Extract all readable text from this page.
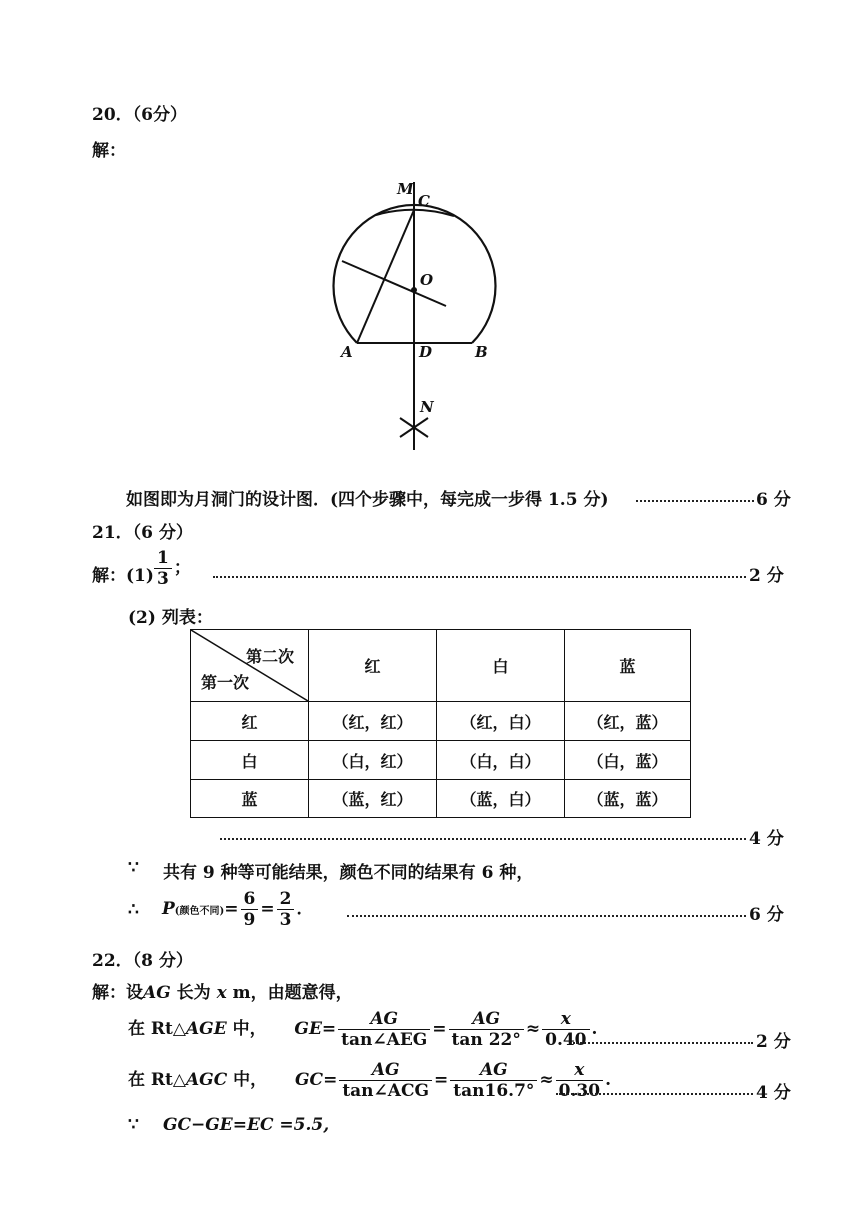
20．（6分）
解：
M
C
O
A	D	B
N
如图即为月洞门的设计图．(四个步骤中，每完成一步得 1.5 分)	6 分
21．（6 分）
解：$(1) \frac{1}{3}$ ；	2 分
(2) 列表：
第二次
第一次	红	白	蓝
红	（红，红）	（红，白）	（红，蓝）
白	（白，红）	（白，白）	（白，蓝）
蓝	（蓝，红）	（蓝，白）	（蓝，蓝）
4 分
∵ 共有 9 种等可能结果，颜色不同的结果有 6 种，
∴ P(颜色不同)= $\frac{6}{9} = \frac{2}{3}$ ．	6 分
22．（8 分）
解：设AG 长为 x m，由题意得，
在 Rt△AGE 中， $GE= \frac{AG}{\text{tan∠AEG}} = \frac{AG}{\tan 22^\circ} \approx \frac{x}{0.40}$ .
2 分
在 Rt△AGC 中， $GC= \frac{AG}{\text{tan∠ACG}} = \frac{AG}{\tan 16.7^\circ} \approx \frac{x}{0.30}$ .
4 分
∵ GC−GE=EC =5.5,
